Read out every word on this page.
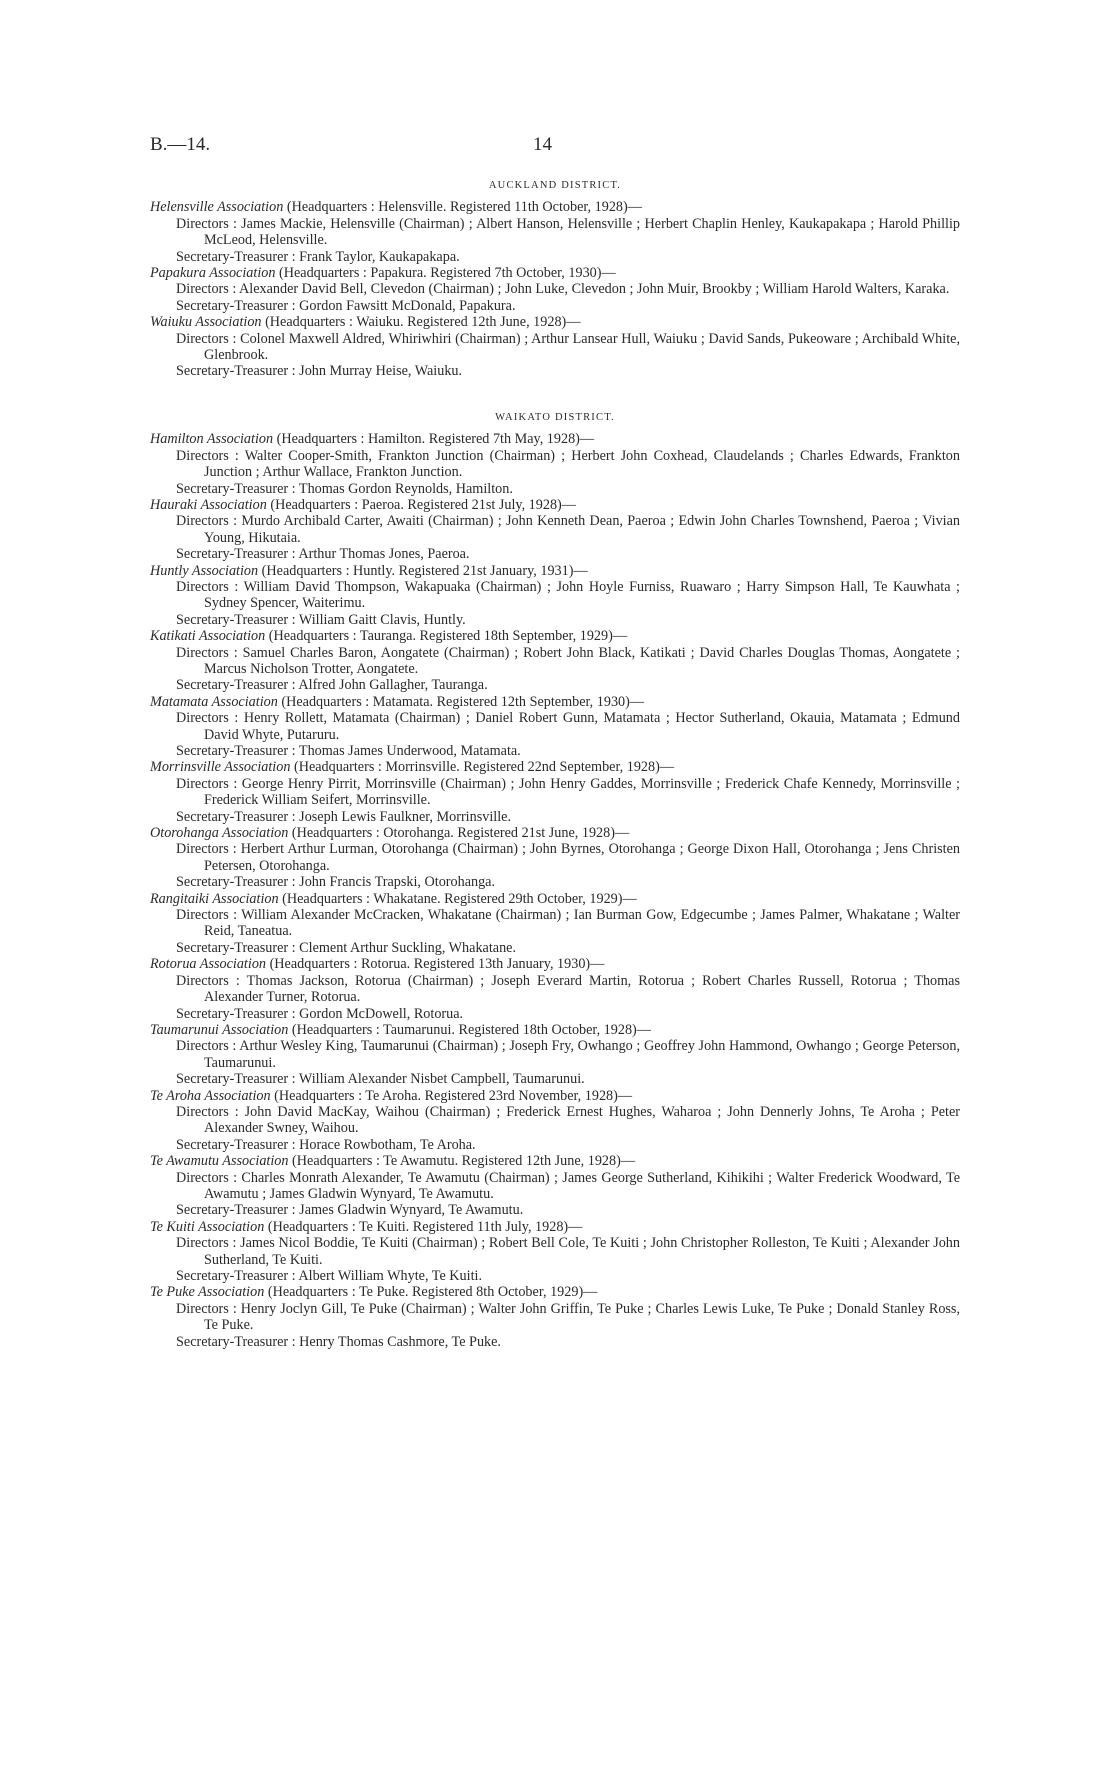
B.—14.	14
AUCKLAND DISTRICT.
Helensville Association (Headquarters : Helensville. Registered 11th October, 1928)—
Directors : James Mackie, Helensville (Chairman) ; Albert Hanson, Helensville ; Herbert Chaplin Henley, Kaukapakapa ; Harold Phillip McLeod, Helensville.
Secretary-Treasurer : Frank Taylor, Kaukapakapa.
Papakura Association (Headquarters : Papakura. Registered 7th October, 1930)—
Directors : Alexander David Bell, Clevedon (Chairman) ; John Luke, Clevedon ; John Muir, Brookby ; William Harold Walters, Karaka.
Secretary-Treasurer : Gordon Fawsitt McDonald, Papakura.
Waiuku Association (Headquarters : Waiuku. Registered 12th June, 1928)—
Directors : Colonel Maxwell Aldred, Whiriwhiri (Chairman) ; Arthur Lansear Hull, Waiuku ; David Sands, Pukeoware ; Archibald White, Glenbrook.
Secretary-Treasurer : John Murray Heise, Waiuku.
WAIKATO DISTRICT.
Hamilton Association (Headquarters : Hamilton. Registered 7th May, 1928)—
Directors : Walter Cooper-Smith, Frankton Junction (Chairman) ; Herbert John Coxhead, Claudelands ; Charles Edwards, Frankton Junction ; Arthur Wallace, Frankton Junction.
Secretary-Treasurer : Thomas Gordon Reynolds, Hamilton.
Hauraki Association (Headquarters : Paeroa. Registered 21st July, 1928)—
Directors : Murdo Archibald Carter, Awaiti (Chairman) ; John Kenneth Dean, Paeroa ; Edwin John Charles Townshend, Paeroa ; Vivian Young, Hikutaia.
Secretary-Treasurer : Arthur Thomas Jones, Paeroa.
Huntly Association (Headquarters : Huntly. Registered 21st January, 1931)—
Directors : William David Thompson, Wakapuaka (Chairman) ; John Hoyle Furniss, Ruawaro ; Harry Simpson Hall, Te Kauwhata ; Sydney Spencer, Waiterimu.
Secretary-Treasurer : William Gaitt Clavis, Huntly.
Katikati Association (Headquarters : Tauranga. Registered 18th September, 1929)—
Directors : Samuel Charles Baron, Aongatete (Chairman) ; Robert John Black, Katikati ; David Charles Douglas Thomas, Aongatete ; Marcus Nicholson Trotter, Aongatete.
Secretary-Treasurer : Alfred John Gallagher, Tauranga.
Matamata Association (Headquarters : Matamata. Registered 12th September, 1930)—
Directors : Henry Rollett, Matamata (Chairman) ; Daniel Robert Gunn, Matamata ; Hector Sutherland, Okauia, Matamata ; Edmund David Whyte, Putaruru.
Secretary-Treasurer : Thomas James Underwood, Matamata.
Morrinsville Association (Headquarters : Morrinsville. Registered 22nd September, 1928)—
Directors : George Henry Pirrit, Morrinsville (Chairman) ; John Henry Gaddes, Morrinsville ; Frederick Chafe Kennedy, Morrinsville ; Frederick William Seifert, Morrinsville.
Secretary-Treasurer : Joseph Lewis Faulkner, Morrinsville.
Otorohanga Association (Headquarters : Otorohanga. Registered 21st June, 1928)—
Directors : Herbert Arthur Lurman, Otorohanga (Chairman) ; John Byrnes, Otorohanga ; George Dixon Hall, Otorohanga ; Jens Christen Petersen, Otorohanga.
Secretary-Treasurer : John Francis Trapski, Otorohanga.
Rangitaiki Association (Headquarters : Whakatane. Registered 29th October, 1929)—
Directors : William Alexander McCracken, Whakatane (Chairman) ; Ian Burman Gow, Edgecumbe ; James Palmer, Whakatane ; Walter Reid, Taneatua.
Secretary-Treasurer : Clement Arthur Suckling, Whakatane.
Rotorua Association (Headquarters : Rotorua. Registered 13th January, 1930)—
Directors : Thomas Jackson, Rotorua (Chairman) ; Joseph Everard Martin, Rotorua ; Robert Charles Russell, Rotorua ; Thomas Alexander Turner, Rotorua.
Secretary-Treasurer : Gordon McDowell, Rotorua.
Taumarunui Association (Headquarters : Taumarunui. Registered 18th October, 1928)—
Directors : Arthur Wesley King, Taumarunui (Chairman) ; Joseph Fry, Owhango ; Geoffrey John Hammond, Owhango ; George Peterson, Taumarunui.
Secretary-Treasurer : William Alexander Nisbet Campbell, Taumarunui.
Te Aroha Association (Headquarters : Te Aroha. Registered 23rd November, 1928)—
Directors : John David MacKay, Waihou (Chairman) ; Frederick Ernest Hughes, Waharoa ; John Dennerly Johns, Te Aroha ; Peter Alexander Swney, Waihou.
Secretary-Treasurer : Horace Rowbotham, Te Aroha.
Te Awamutu Association (Headquarters : Te Awamutu. Registered 12th June, 1928)—
Directors : Charles Monrath Alexander, Te Awamutu (Chairman) ; James George Sutherland, Kihikihi ; Walter Frederick Woodward, Te Awamutu ; James Gladwin Wynyard, Te Awamutu.
Secretary-Treasurer : James Gladwin Wynyard, Te Awamutu.
Te Kuiti Association (Headquarters : Te Kuiti. Registered 11th July, 1928)—
Directors : James Nicol Boddie, Te Kuiti (Chairman) ; Robert Bell Cole, Te Kuiti ; John Christopher Rolleston, Te Kuiti ; Alexander John Sutherland, Te Kuiti.
Secretary-Treasurer : Albert William Whyte, Te Kuiti.
Te Puke Association (Headquarters : Te Puke. Registered 8th October, 1929)—
Directors : Henry Joclyn Gill, Te Puke (Chairman) ; Walter John Griffin, Te Puke ; Charles Lewis Luke, Te Puke ; Donald Stanley Ross, Te Puke.
Secretary-Treasurer : Henry Thomas Cashmore, Te Puke.
